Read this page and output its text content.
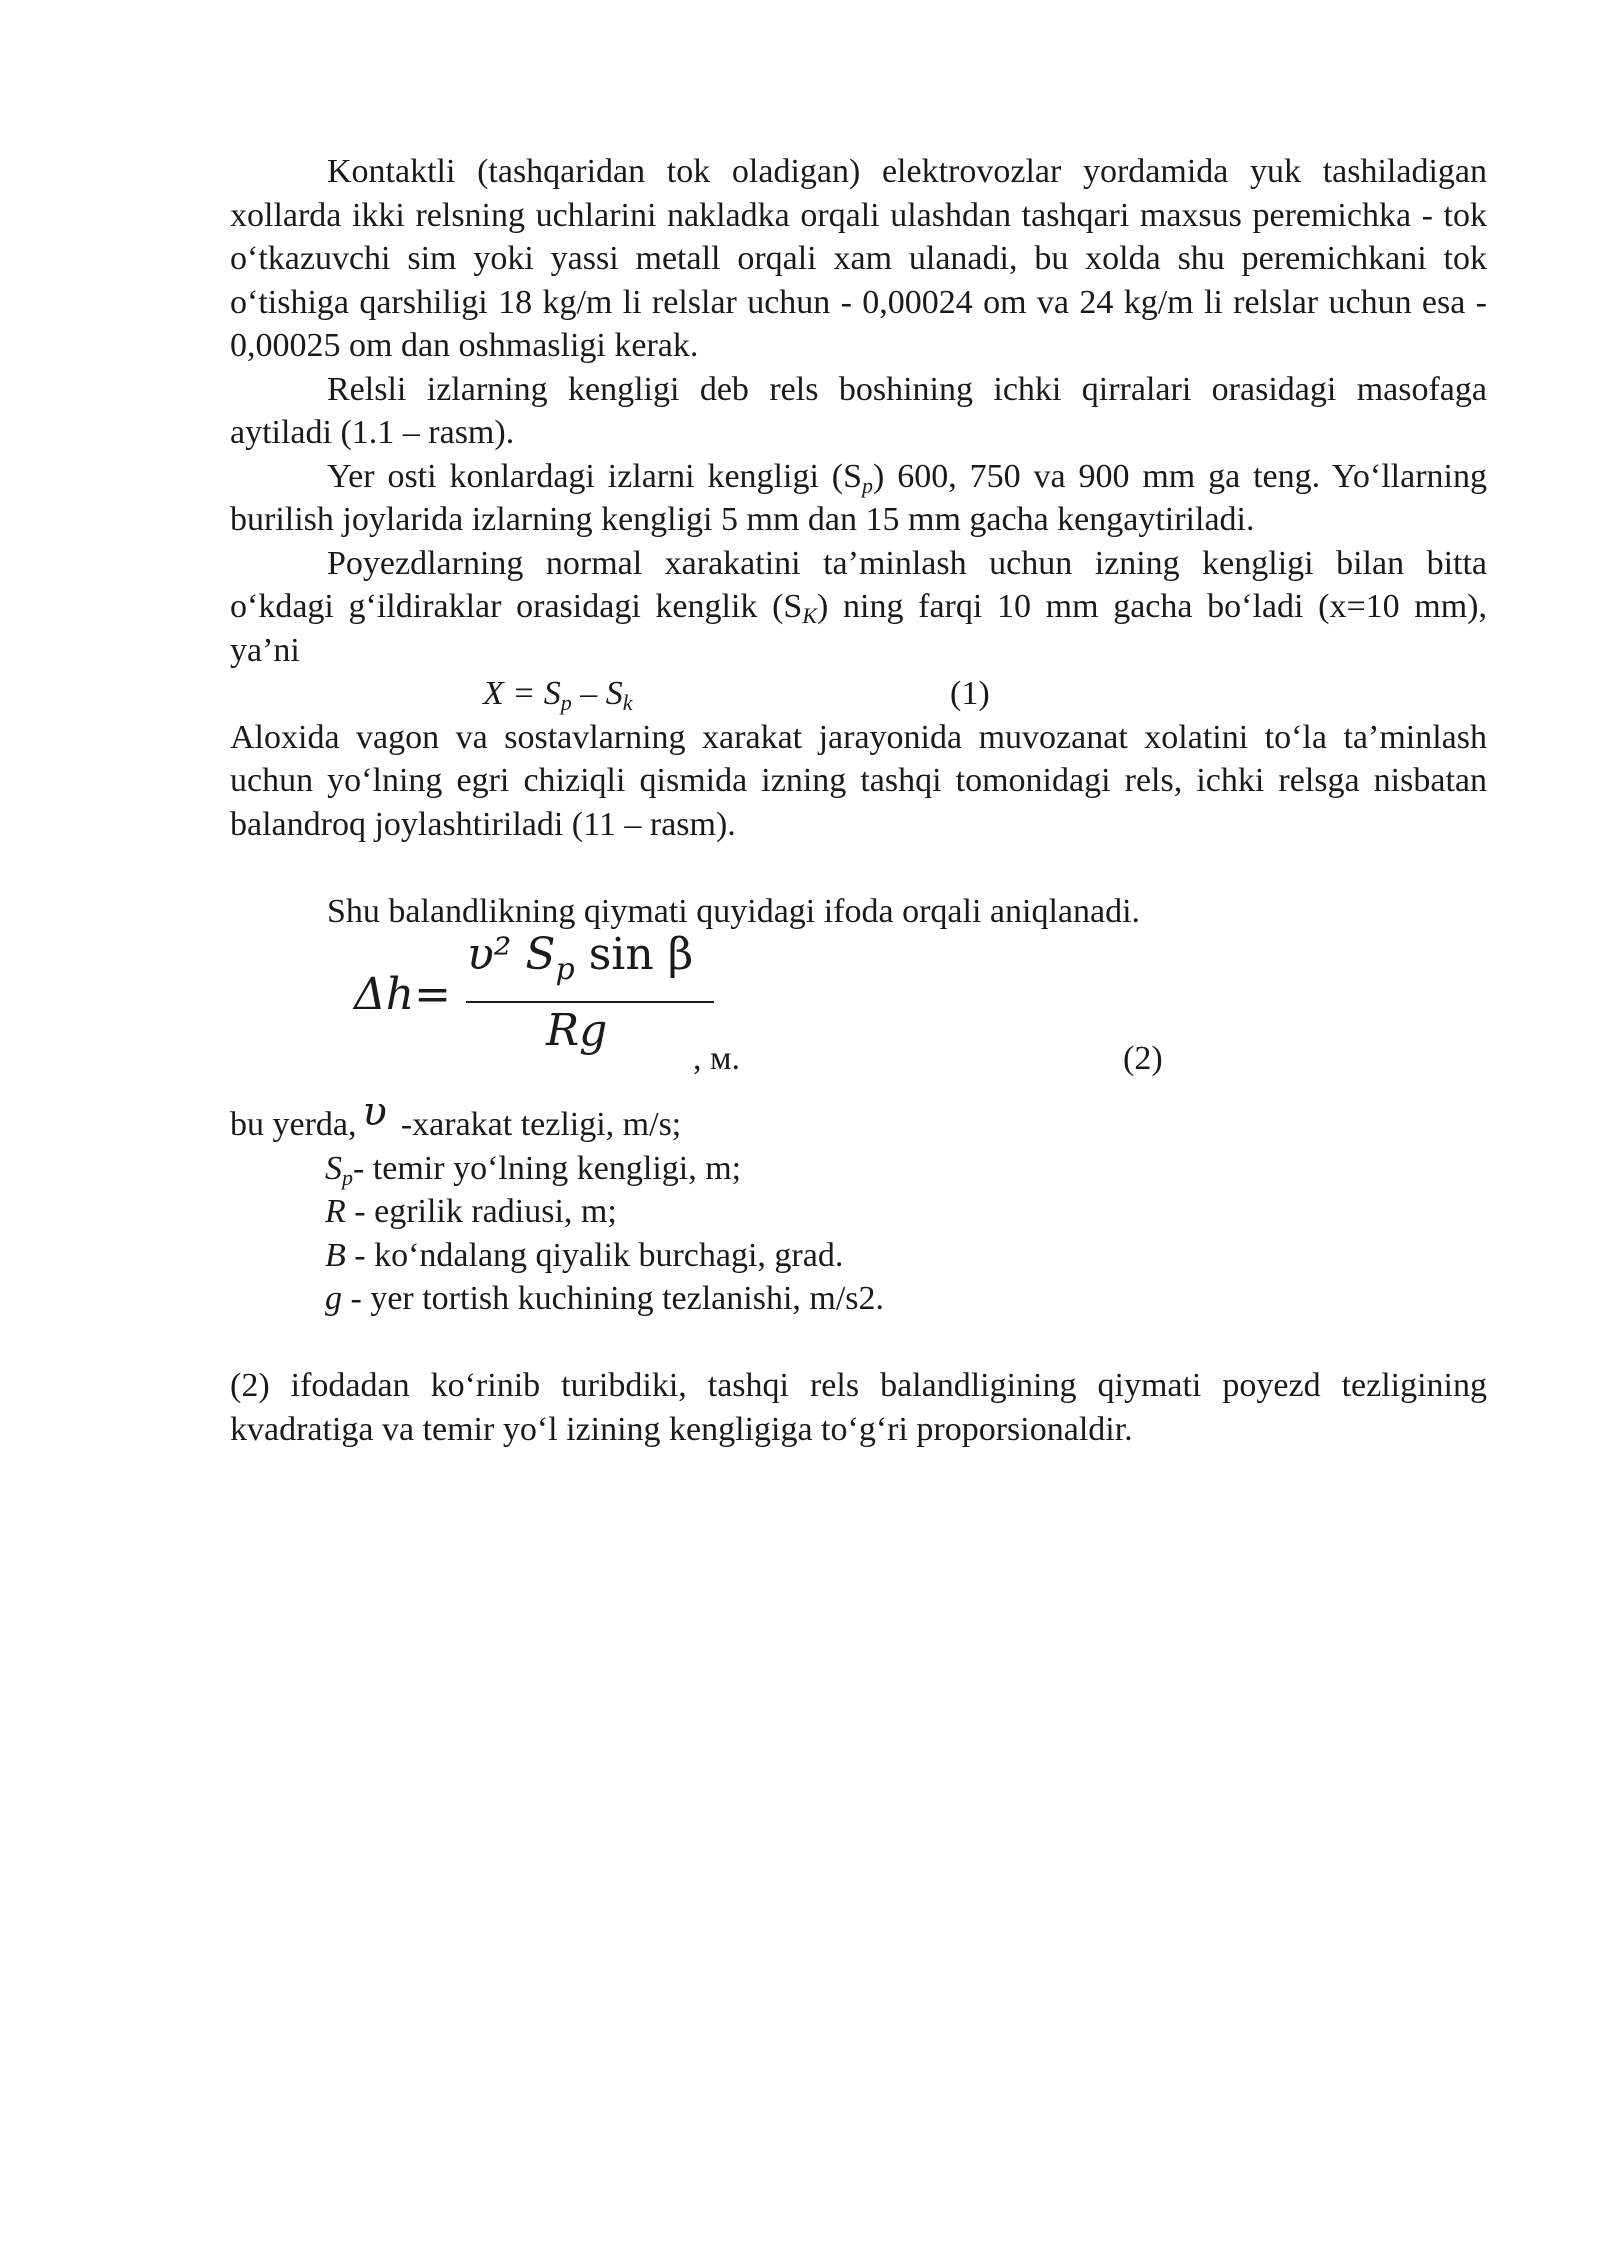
Kontaktli (tashqaridan tok oladigan) elektrovozlar yordamida yuk tashiladigan xollarda ikki relsning uchlarini nakladka orqali ulashdan tashqari maxsus peremichka - tok o‘tkazuvchi sim yoki yassi metall orqali xam ulanadi, bu xolda shu peremichkani tok o‘tishiga qarshiligi 18 kg/m li relslar uchun - 0,00024 om va 24 kg/m li relslar uchun esa - 0,00025 om dan oshmasligi kerak.

Relsli izlarning kengligi deb rels boshining ichki qirralari orasidagi masofaga aytiladi (1.1 – rasm).

Yer osti konlardagi izlarni kengligi $(S_p)$ 600, 750 va 900 mm ga teng. Yo‘llarning burilish joylarida izlarning kengligi 5 mm dan 15 mm gacha kengaytiriladi.

Poyezdlarning normal xarakatini ta’minlash uchun izning kengligi bilan bitta o‘kdagi g‘ildiraklar orasidagi kenglik $(S_K)$ ning farqi 10 mm gacha bo‘ladi (x=10 mm), ya’ni

$X = S_p - S_k$	(1)

Aloxida vagon va sostavlarning xarakat jarayonida muvozanat xolatini to‘la ta’minlash uchun yo‘lning egri chiziqli qismida izning tashqi tomonidagi rels, ichki relsga nisbatan balandroq joylashtiriladi (11 – rasm).

Shu balandlikning qiymati quyidagi ifoda orqali aniqlanadi.

Δh=
υ² $S_p$ sin β
Rg
, м.	(2)

bu yerda, υ -xarakat tezligi, m/s;

$S_p-$ temir yo‘lning kengligi, m;

R - egrilik radiusi, m;

B - ko‘ndalang qiyalik burchagi, grad.

g - yer tortish kuchining tezlanishi, m/s2.

(2) ifodadan ko‘rinib turibdiki, tashqi rels balandligining qiymati poyezd tezligining kvadratiga va temir yo‘l izining kengligiga to‘g‘ri proporsionaldir.
